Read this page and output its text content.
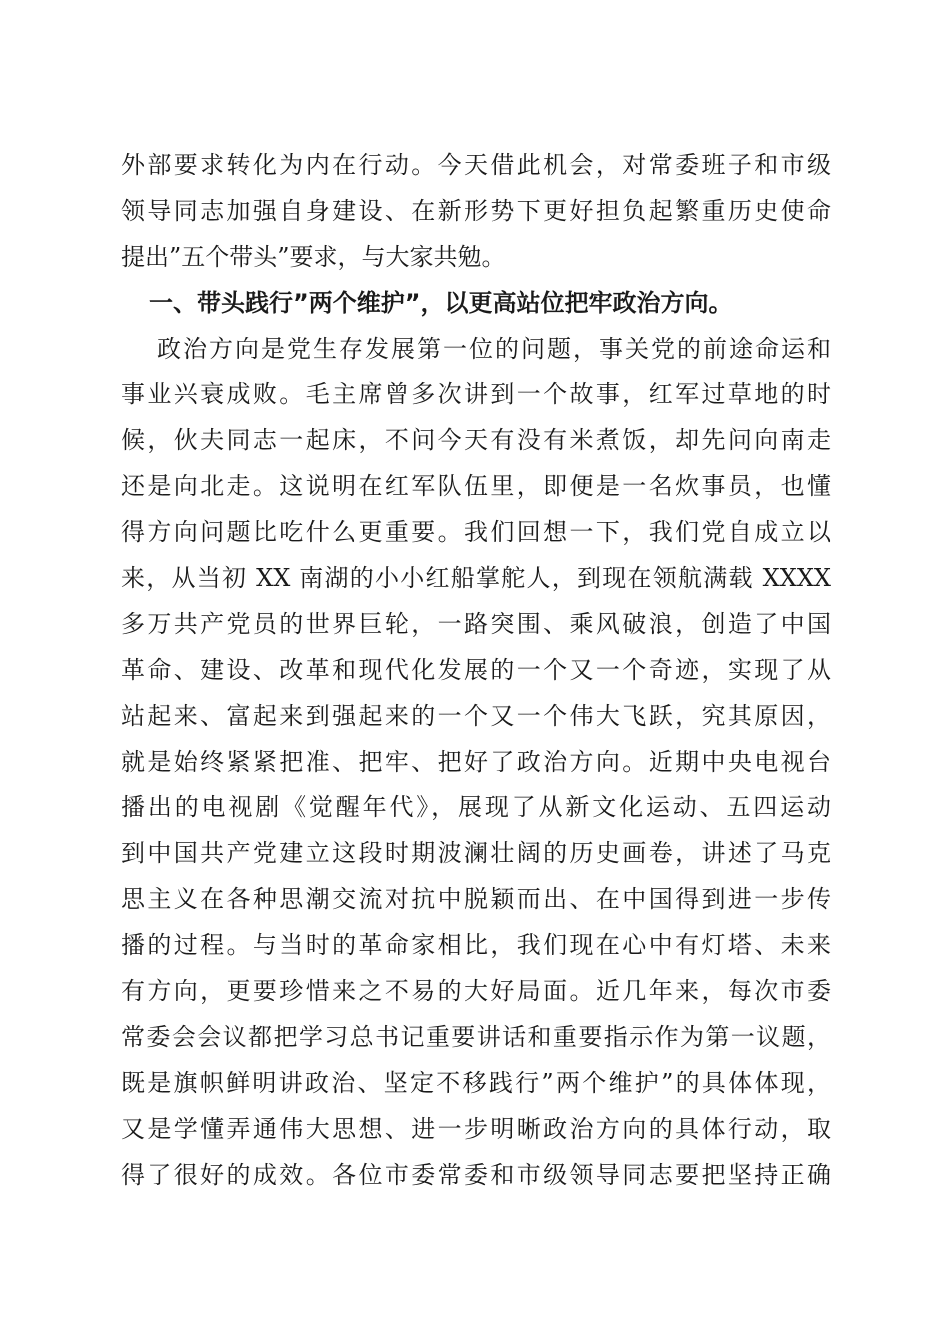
外部要求转化为内在行动。今天借此机会，对常委班子和市级
领导同志加强自身建设、在新形势下更好担负起繁重历史使命
提出”五个带头”要求，与大家共勉。
一、带头践行”两个维护”，以更高站位把牢政治方向。
政治方向是党生存发展第一位的问题，事关党的前途命运和
事业兴衰成败。毛主席曾多次讲到一个故事，红军过草地的时
候，伙夫同志一起床，不问今天有没有米煮饭，却先问向南走
还是向北走。这说明在红军队伍里，即便是一名炊事员，也懂
得方向问题比吃什么更重要。我们回想一下，我们党自成立以
来，从当初 XX 南湖的小小红船掌舵人，到现在领航满载 XXXX
多万共产党员的世界巨轮，一路突围、乘风破浪，创造了中国
革命、建设、改革和现代化发展的一个又一个奇迹，实现了从
站起来、富起来到强起来的一个又一个伟大飞跃，究其原因，
就是始终紧紧把准、把牢、把好了政治方向。近期中央电视台
播出的电视剧《觉醒年代》，展现了从新文化运动、五四运动
到中国共产党建立这段时期波澜壮阔的历史画卷，讲述了马克
思主义在各种思潮交流对抗中脱颖而出、在中国得到进一步传
播的过程。与当时的革命家相比，我们现在心中有灯塔、未来
有方向，更要珍惜来之不易的大好局面。近几年来，每次市委
常委会会议都把学习总书记重要讲话和重要指示作为第一议题，
既是旗帜鲜明讲政治、坚定不移践行”两个维护”的具体体现，
又是学懂弄通伟大思想、进一步明晰政治方向的具体行动，取
得了很好的成效。各位市委常委和市级领导同志要把坚持正确
